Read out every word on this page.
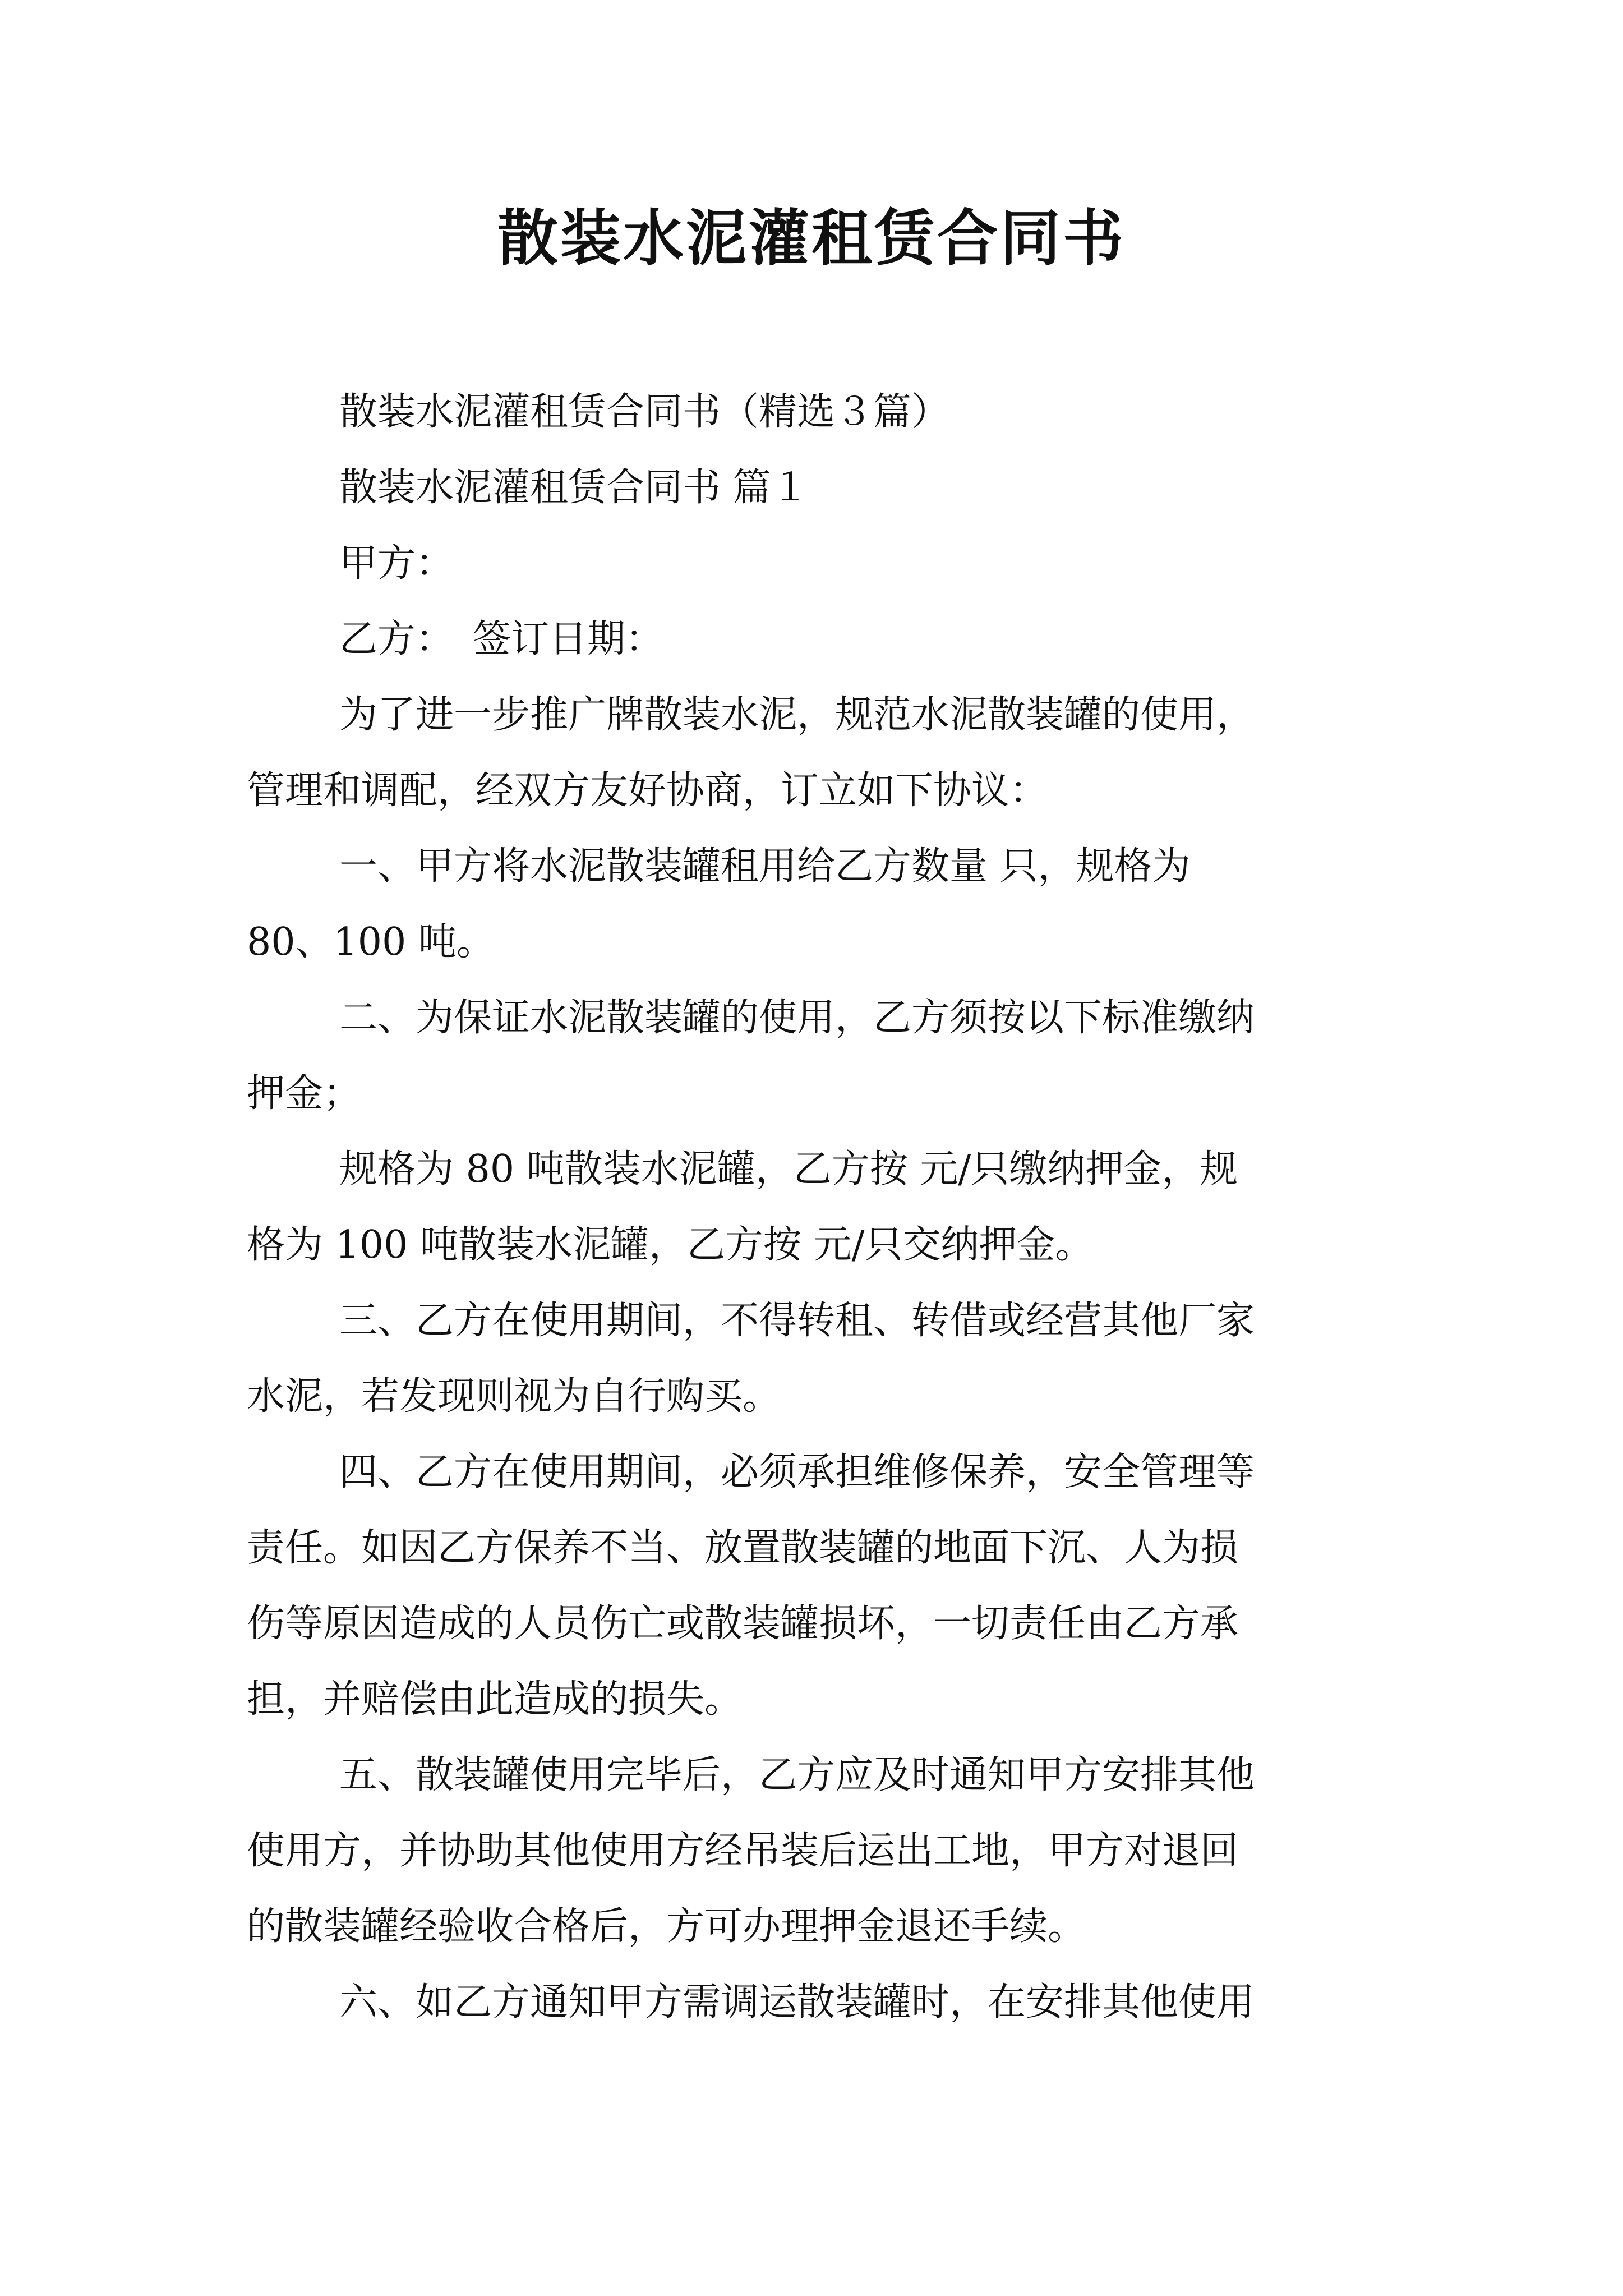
散装水泥灌租赁合同书

散装水泥灌租赁合同书（精选３篇）

散装水泥灌租赁合同书 篇１

甲方：

乙方：　签订日期：

为了进一步推广牌散装水泥，规范水泥散装罐的使用，

管理和调配，经双方友好协商，订立如下协议：

一、甲方将水泥散装罐租用给乙方数量 只，规格为

80、100 吨。

二、为保证水泥散装罐的使用，乙方须按以下标准缴纳

押金；

规格为 80 吨散装水泥罐，乙方按 元/只缴纳押金，规

格为 100 吨散装水泥罐，乙方按 元/只交纳押金。

三、乙方在使用期间，不得转租、转借或经营其他厂家

水泥，若发现则视为自行购买。

四、乙方在使用期间，必须承担维修保养，安全管理等

责任。如因乙方保养不当、放置散装罐的地面下沉、人为损

伤等原因造成的人员伤亡或散装罐损坏，一切责任由乙方承

担，并赔偿由此造成的损失。

五、散装罐使用完毕后，乙方应及时通知甲方安排其他

使用方，并协助其他使用方经吊装后运出工地，甲方对退回

的散装罐经验收合格后，方可办理押金退还手续。

六、如乙方通知甲方需调运散装罐时，在安排其他使用
